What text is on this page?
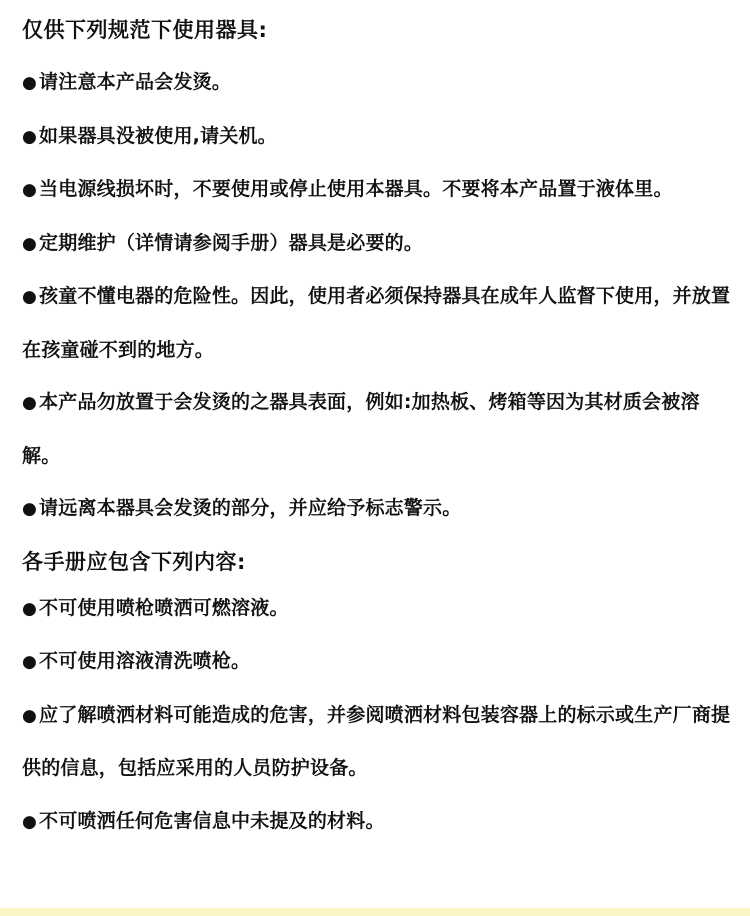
仅供下列规范下使用器具:

● 请注意本产品会发烫。

● 如果器具没被使用,请关机。

● 当电源线损坏时，不要使用或停止使用本器具。不要将本产品置于液体里。

● 定期维护（详情请参阅手册）器具是必要的。

● 孩童不懂电器的危险性。因此，使用者必须保持器具在成年人监督下使用，并放置在孩童碰不到的地方。

● 本产品勿放置于会发烫的之器具表面，例如:加热板、烤箱等因为其材质会被溶解。

● 请远离本器具会发烫的部分，并应给予标志警示。

各手册应包含下列内容:

● 不可使用喷枪喷洒可燃溶液。

● 不可使用溶液清洗喷枪。

● 应了解喷洒材料可能造成的危害，并参阅喷洒材料包装容器上的标示或生产厂商提供的信息，包括应采用的人员防护设备。

● 不可喷洒任何危害信息中未提及的材料。
